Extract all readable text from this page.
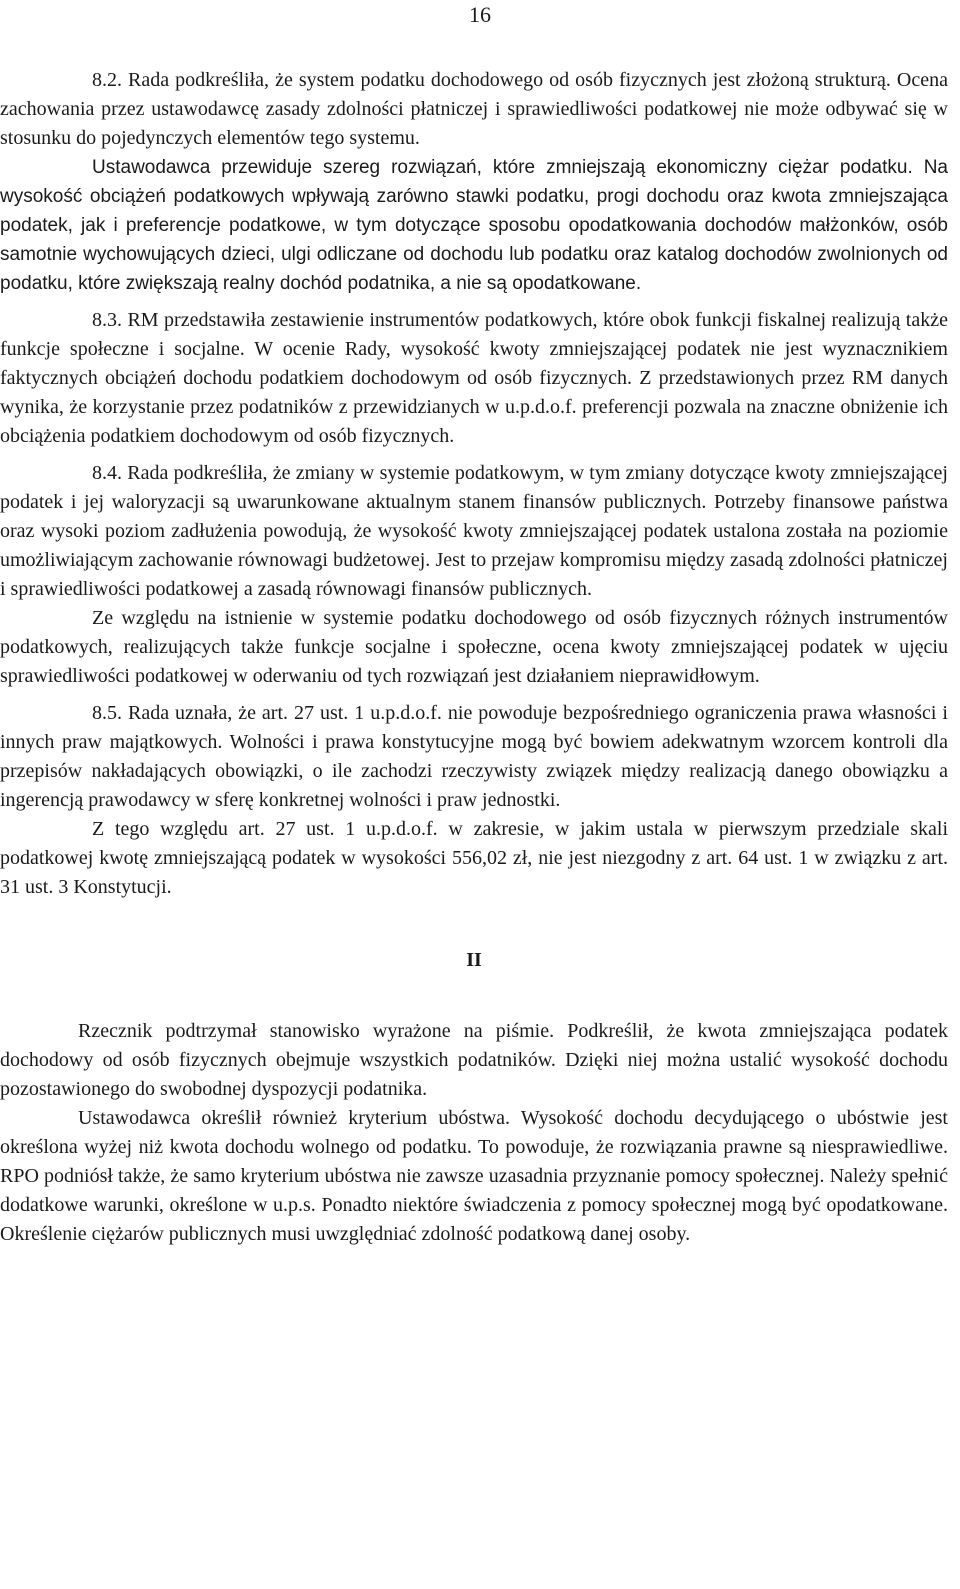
16

8.2. Rada podkreśliła, że system podatku dochodowego od osób fizycznych jest złożoną strukturą. Ocena zachowania przez ustawodawcę zasady zdolności płatniczej i sprawiedliwości podatkowej nie może odbywać się w stosunku do pojedynczych elementów tego systemu.

Ustawodawca przewiduje szereg rozwiązań, które zmniejszają ekonomiczny ciężar podatku. Na wysokość obciążeń podatkowych wpływają zarówno stawki podatku, progi dochodu oraz kwota zmniejszająca podatek, jak i preferencje podatkowe, w tym dotyczące sposobu opodatkowania dochodów małżonków, osób samotnie wychowujących dzieci, ulgi odliczane od dochodu lub podatku oraz katalog dochodów zwolnionych od podatku, które zwiększają realny dochód podatnika, a nie są opodatkowane.

8.3. RM przedstawiła zestawienie instrumentów podatkowych, które obok funkcji fiskalnej realizują także funkcje społeczne i socjalne. W ocenie Rady, wysokość kwoty zmniejszającej podatek nie jest wyznacznikiem faktycznych obciążeń dochodu podatkiem dochodowym od osób fizycznych. Z przedstawionych przez RM danych wynika, że korzystanie przez podatników z przewidzianych w u.p.d.o.f. preferencji pozwala na znaczne obniżenie ich obciążenia podatkiem dochodowym od osób fizycznych.

8.4. Rada podkreśliła, że zmiany w systemie podatkowym, w tym zmiany dotyczące kwoty zmniejszającej podatek i jej waloryzacji są uwarunkowane aktualnym stanem finansów publicznych. Potrzeby finansowe państwa oraz wysoki poziom zadłużenia powodują, że wysokość kwoty zmniejszającej podatek ustalona została na poziomie umożliwiającym zachowanie równowagi budżetowej. Jest to przejaw kompromisu między zasadą zdolności płatniczej i sprawiedliwości podatkowej a zasadą równowagi finansów publicznych.

Ze względu na istnienie w systemie podatku dochodowego od osób fizycznych różnych instrumentów podatkowych, realizujących także funkcje socjalne i społeczne, ocena kwoty zmniejszającej podatek w ujęciu sprawiedliwości podatkowej w oderwaniu od tych rozwiązań jest działaniem nieprawidłowym.

8.5. Rada uznała, że art. 27 ust. 1 u.p.d.o.f. nie powoduje bezpośredniego ograniczenia prawa własności i innych praw majątkowych. Wolności i prawa konstytucyjne mogą być bowiem adekwatnym wzorcem kontroli dla przepisów nakładających obowiązki, o ile zachodzi rzeczywisty związek między realizacją danego obowiązku a ingerencją prawodawcy w sferę konkretnej wolności i praw jednostki.

Z tego względu art. 27 ust. 1 u.p.d.o.f. w zakresie, w jakim ustala w pierwszym przedziale skali podatkowej kwotę zmniejszającą podatek w wysokości 556,02 zł, nie jest niezgodny z art. 64 ust. 1 w związku z art. 31 ust. 3 Konstytucji.

II

Rzecznik podtrzymał stanowisko wyrażone na piśmie. Podkreślił, że kwota zmniejszająca podatek dochodowy od osób fizycznych obejmuje wszystkich podatników. Dzięki niej można ustalić wysokość dochodu pozostawionego do swobodnej dyspozycji podatnika.

Ustawodawca określił również kryterium ubóstwa. Wysokość dochodu decydującego o ubóstwie jest określona wyżej niż kwota dochodu wolnego od podatku. To powoduje, że rozwiązania prawne są niesprawiedliwe. RPO podniósł także, że samo kryterium ubóstwa nie zawsze uzasadnia przyznanie pomocy społecznej. Należy spełnić dodatkowe warunki, określone w u.p.s. Ponadto niektóre świadczenia z pomocy społecznej mogą być opodatkowane. Określenie ciężarów publicznych musi uwzględniać zdolność podatkową danej osoby.
